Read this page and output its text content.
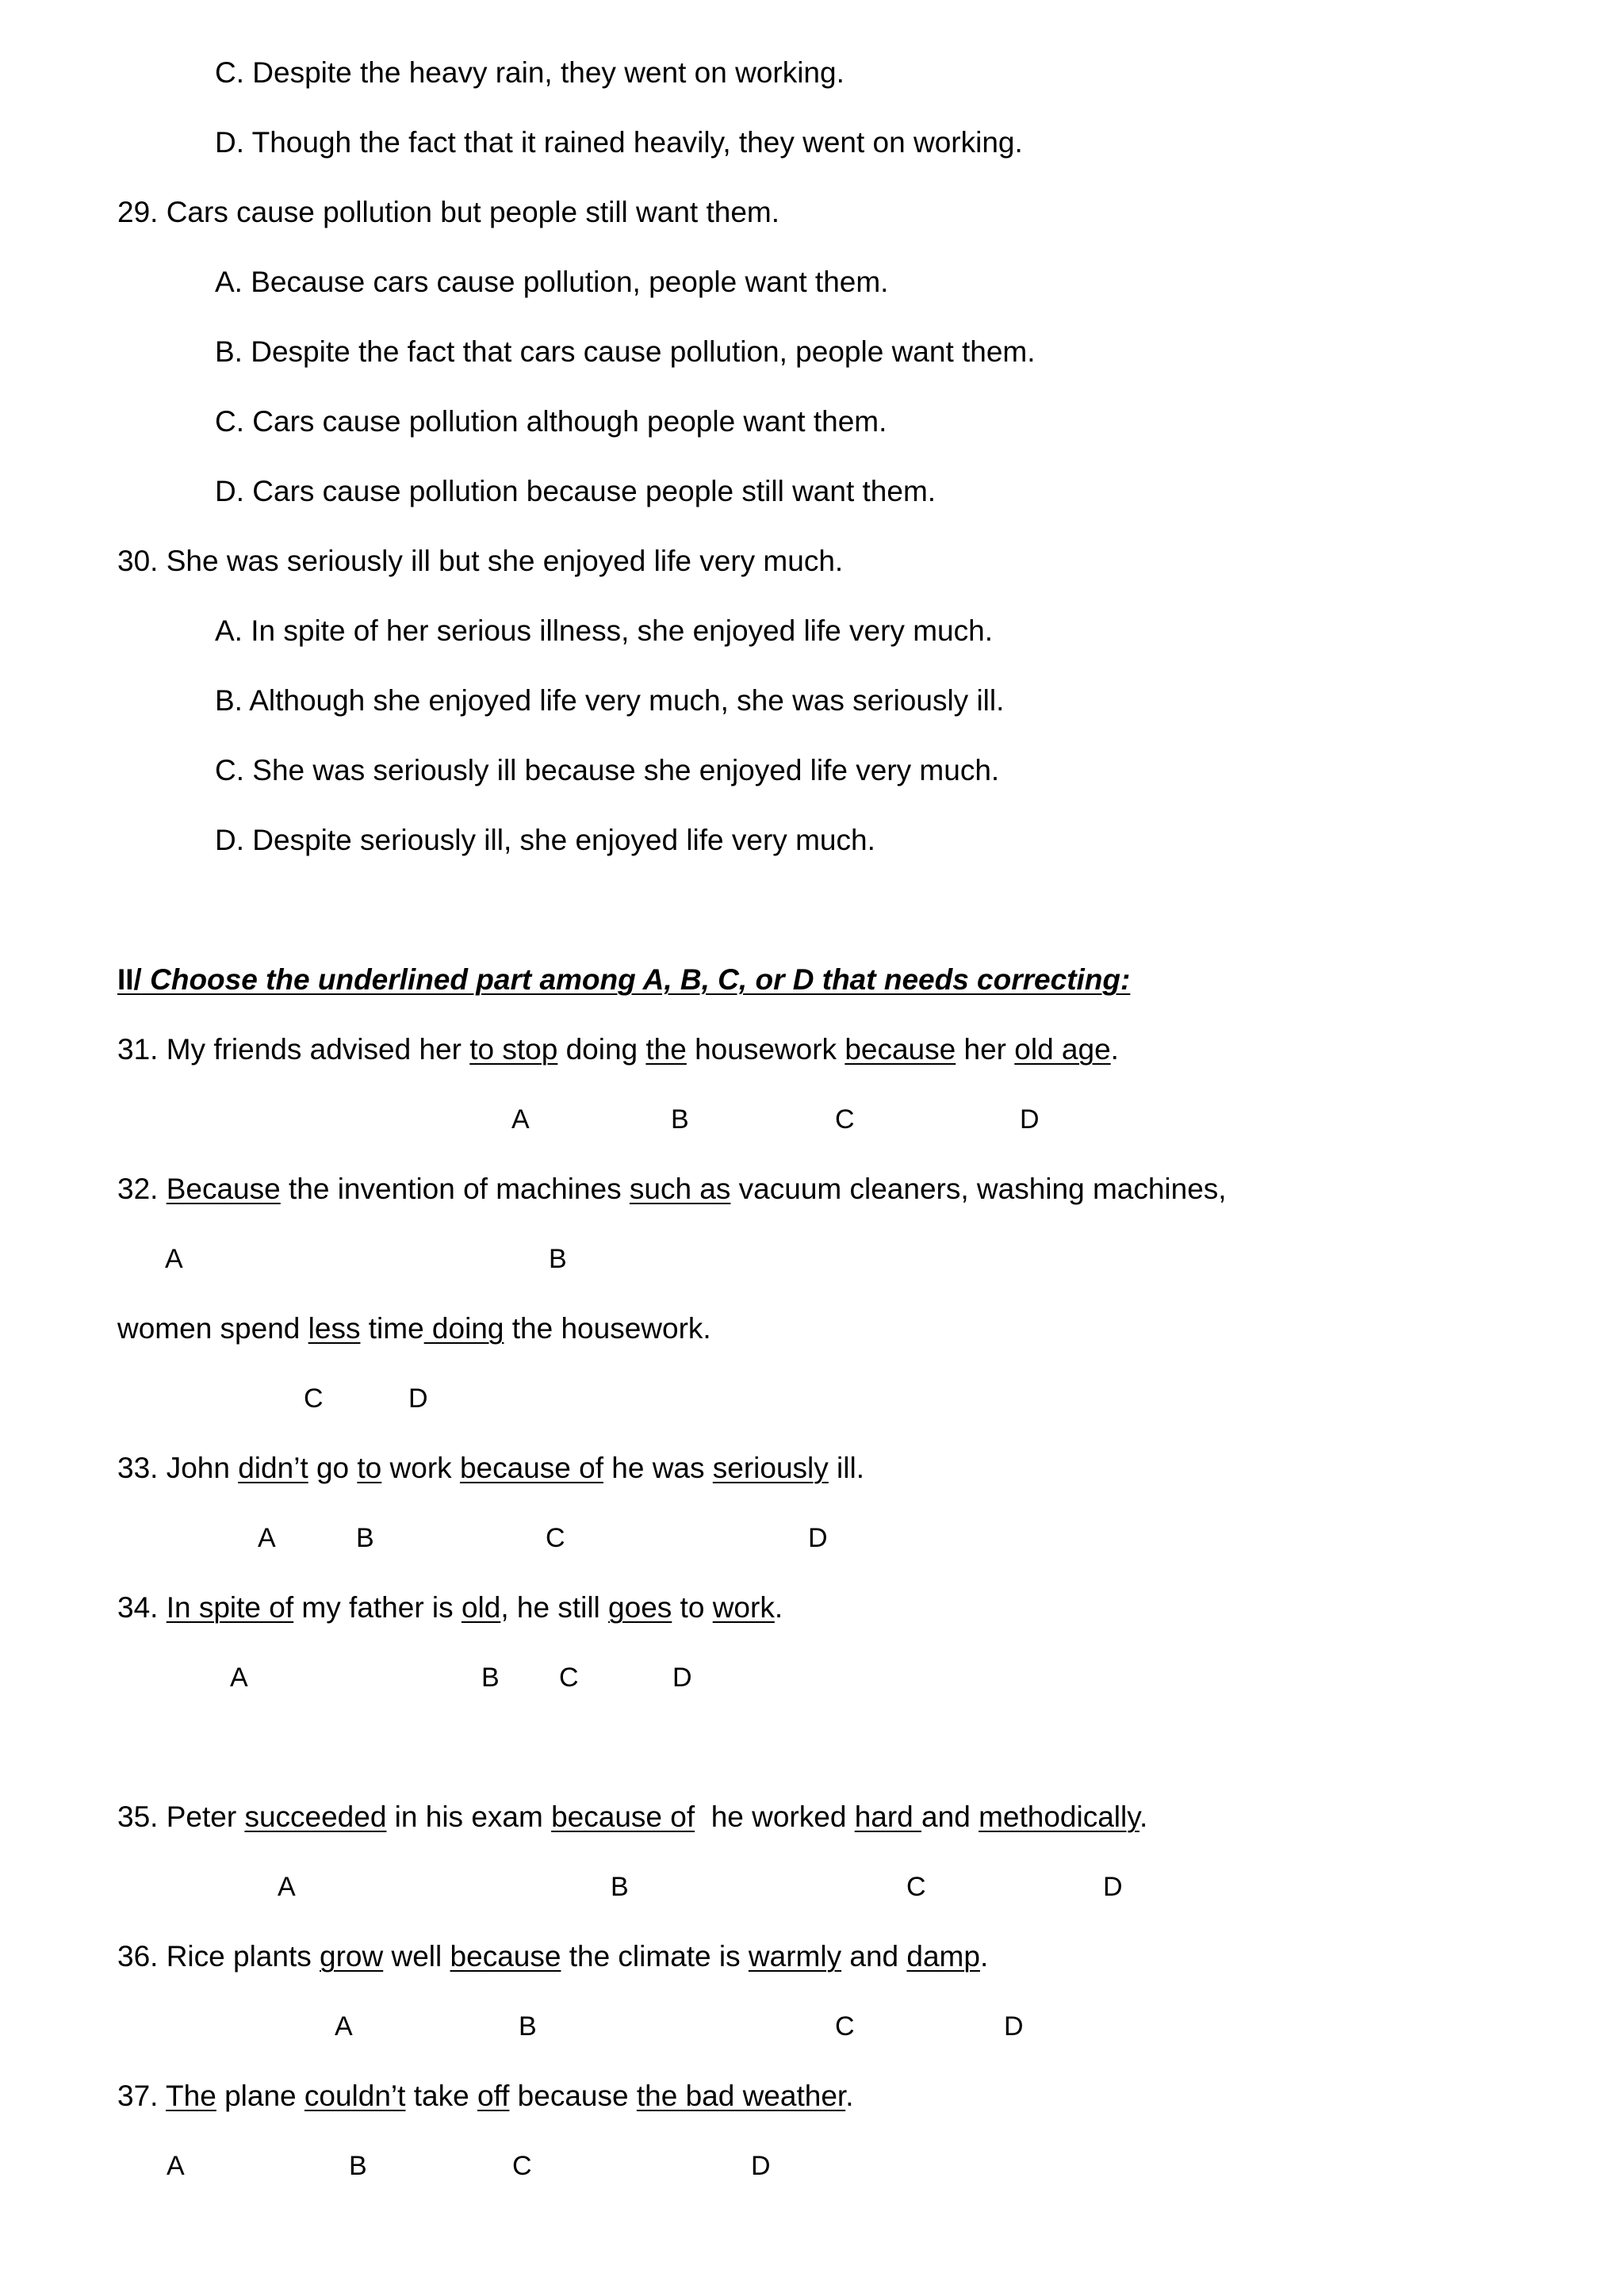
C. Despite the heavy rain, they went on working.
D. Though the fact that it rained heavily, they went on working.
29. Cars cause pollution but people still want them.
A. Because cars cause pollution, people want them.
B. Despite the fact that cars cause pollution, people want them.
C. Cars cause pollution although people want them.
D. Cars cause pollution because people still want them.
30. She was seriously ill but she enjoyed life very much.
A. In spite of her serious illness, she enjoyed life very much.
B. Although she enjoyed life very much, she was seriously ill.
C. She was seriously ill because she enjoyed life very much.
D. Despite seriously ill, she enjoyed life very much.
II/ Choose the underlined part among A, B, C, or D that needs correcting:
31. My friends advised her to stop doing the housework because her old age.
A	B	C	D
32. Because the invention of machines such as vacuum cleaners, washing machines,
A	B
women spend less time doing the housework.
C	D
33. John didn’t go to work because of he was seriously ill.
A	B	C	D
34. In spite of my father is old, he still goes to work.
A	B C	D
35. Peter succeeded in his exam because of  he worked hard and methodically.
A	B	C	D
36. Rice plants grow well because the climate is warmly and damp.
A	B	C	D
37. The plane couldn’t take off because the bad weather.
A	B	C	D
